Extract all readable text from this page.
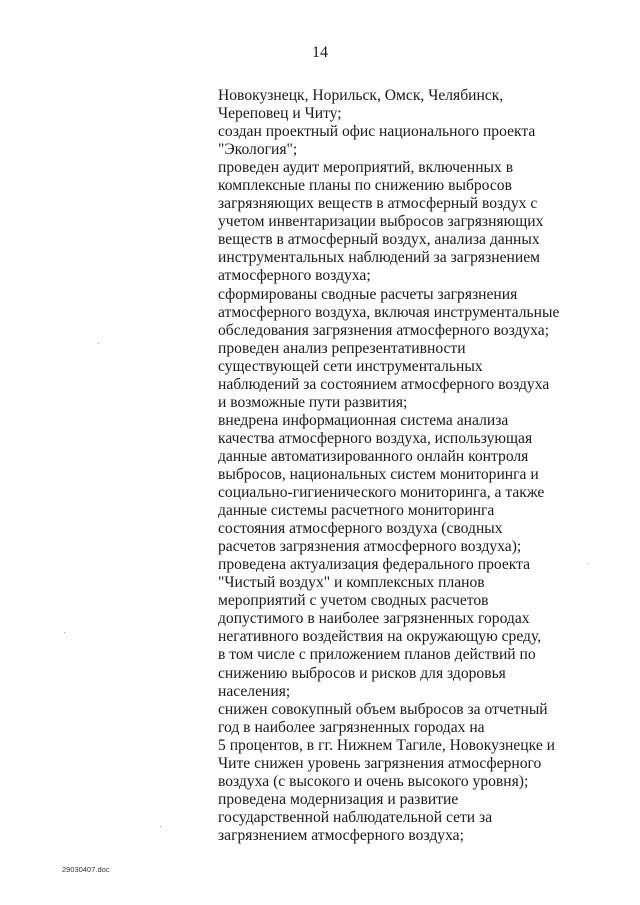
14
Новокузнецк, Норильск, Омск, Челябинск,
Череповец и Читу;
создан проектный офис национального проекта
"Экология";
проведен аудит мероприятий, включенных в
комплексные планы по снижению выбросов
загрязняющих веществ в атмосферный воздух с
учетом инвентаризации выбросов загрязняющих
веществ в атмосферный воздух, анализа данных
инструментальных наблюдений за загрязнением
атмосферного воздуха;
сформированы сводные расчеты загрязнения
атмосферного воздуха, включая инструментальные
обследования загрязнения атмосферного воздуха;
проведен анализ репрезентативности
существующей сети инструментальных
наблюдений за состоянием атмосферного воздуха
и возможные пути развития;
внедрена информационная система анализа
качества атмосферного воздуха, использующая
данные автоматизированного онлайн контроля
выбросов, национальных систем мониторинга и
социально-гигиенического мониторинга, а также
данные системы расчетного мониторинга
состояния атмосферного воздуха (сводных
расчетов загрязнения атмосферного воздуха);
проведена актуализация федерального проекта
"Чистый воздух" и комплексных планов
мероприятий с учетом сводных расчетов
допустимого в наиболее загрязненных городах
негативного воздействия на окружающую среду,
в том числе с приложением планов действий по
снижению выбросов и рисков для здоровья
населения;
снижен совокупный объем выбросов за отчетный
год в наиболее загрязненных городах на
5 процентов, в гг. Нижнем Тагиле, Новокузнецке и
Чите снижен уровень загрязнения атмосферного
воздуха (с высокого и очень высокого уровня);
проведена модернизация и развитие
государственной наблюдательной сети за
загрязнением атмосферного воздуха;
29030407.doc
